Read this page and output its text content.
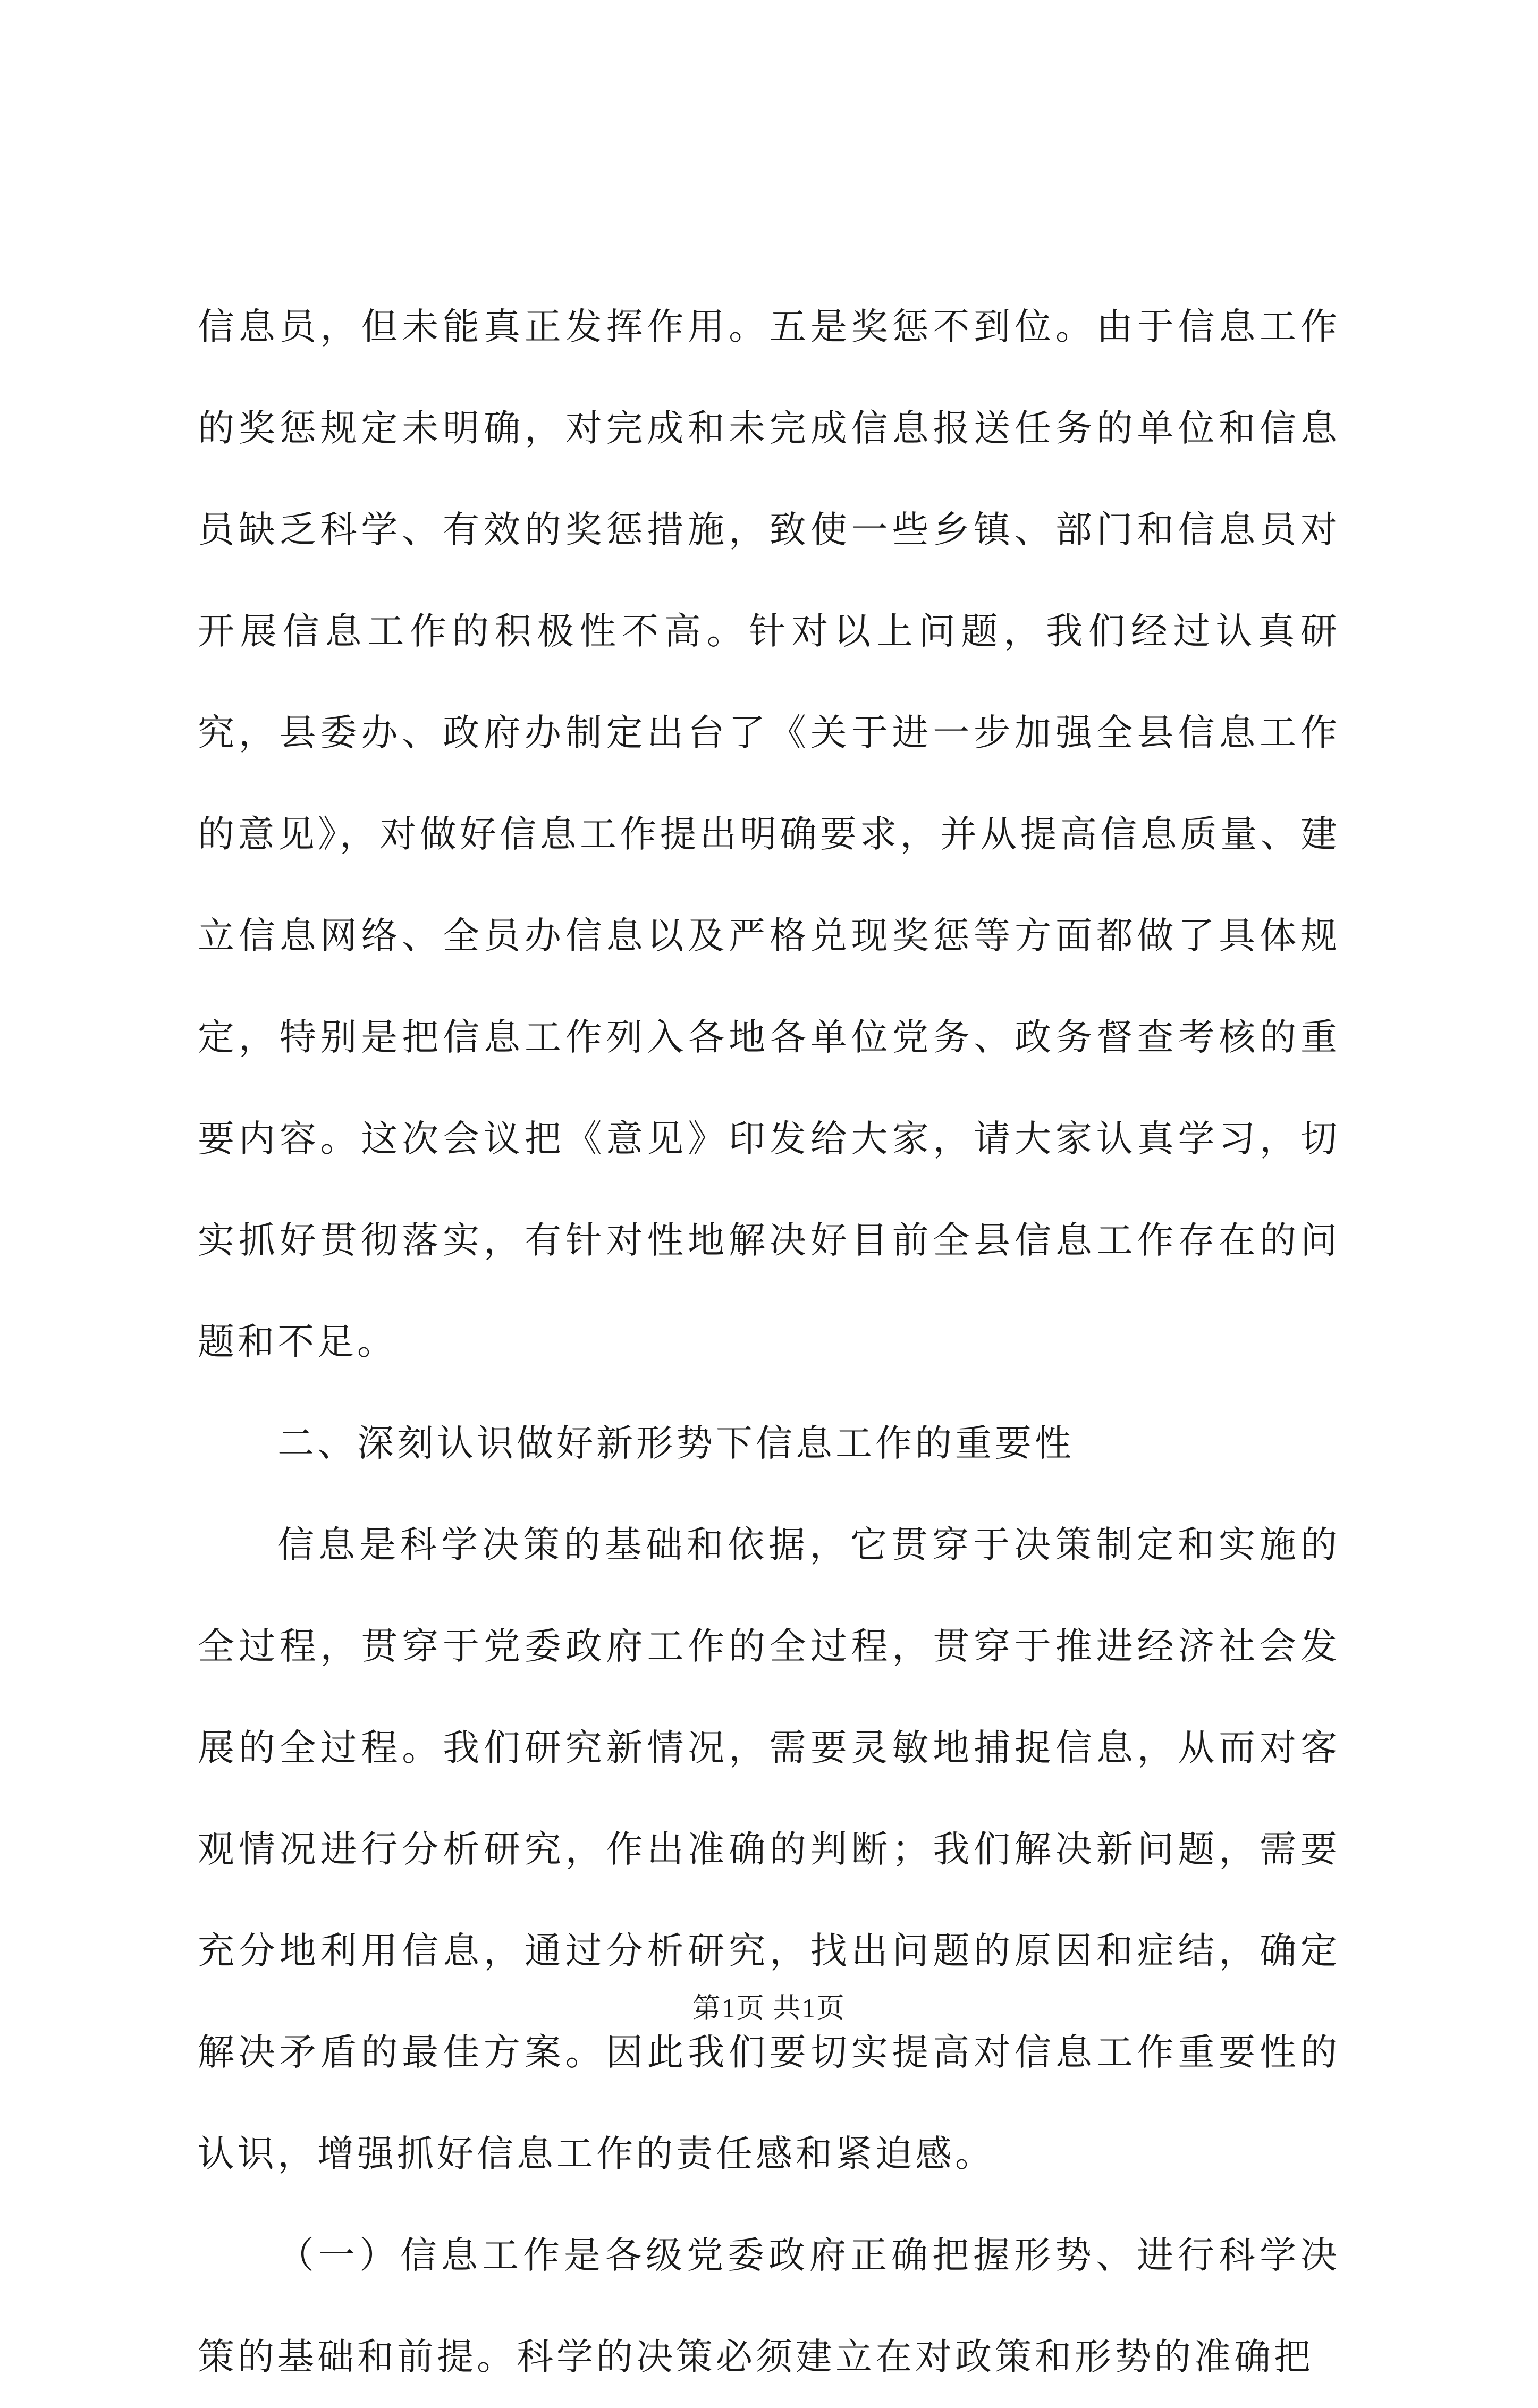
信息员，但未能真正发挥作用。五是奖惩不到位。由于信息工作的奖惩规定未明确，对完成和未完成信息报送任务的单位和信息员缺乏科学、有效的奖惩措施，致使一些乡镇、部门和信息员对开展信息工作的积极性不高。针对以上问题，我们经过认真研究，县委办、政府办制定出台了《关于进一步加强全县信息工作的意见》，对做好信息工作提出明确要求，并从提高信息质量、建立信息网络、全员办信息以及严格兑现奖惩等方面都做了具体规定，特别是把信息工作列入各地各单位党务、政务督查考核的重要内容。这次会议把《意见》印发给大家，请大家认真学习，切实抓好贯彻落实，有针对性地解决好目前全县信息工作存在的问题和不足。

二、深刻认识做好新形势下信息工作的重要性

信息是科学决策的基础和依据，它贯穿于决策制定和实施的全过程，贯穿于党委政府工作的全过程，贯穿于推进经济社会发展的全过程。我们研究新情况，需要灵敏地捕捉信息，从而对客观情况进行分析研究，作出准确的判断；我们解决新问题，需要充分地利用信息，通过分析研究，找出问题的原因和症结，确定解决矛盾的最佳方案。因此我们要切实提高对信息工作重要性的认识，增强抓好信息工作的责任感和紧迫感。

（一）信息工作是各级党委政府正确把握形势、进行科学决策的基础和前提。科学的决策必须建立在对政策和形势的准确把

第1页 共1页
